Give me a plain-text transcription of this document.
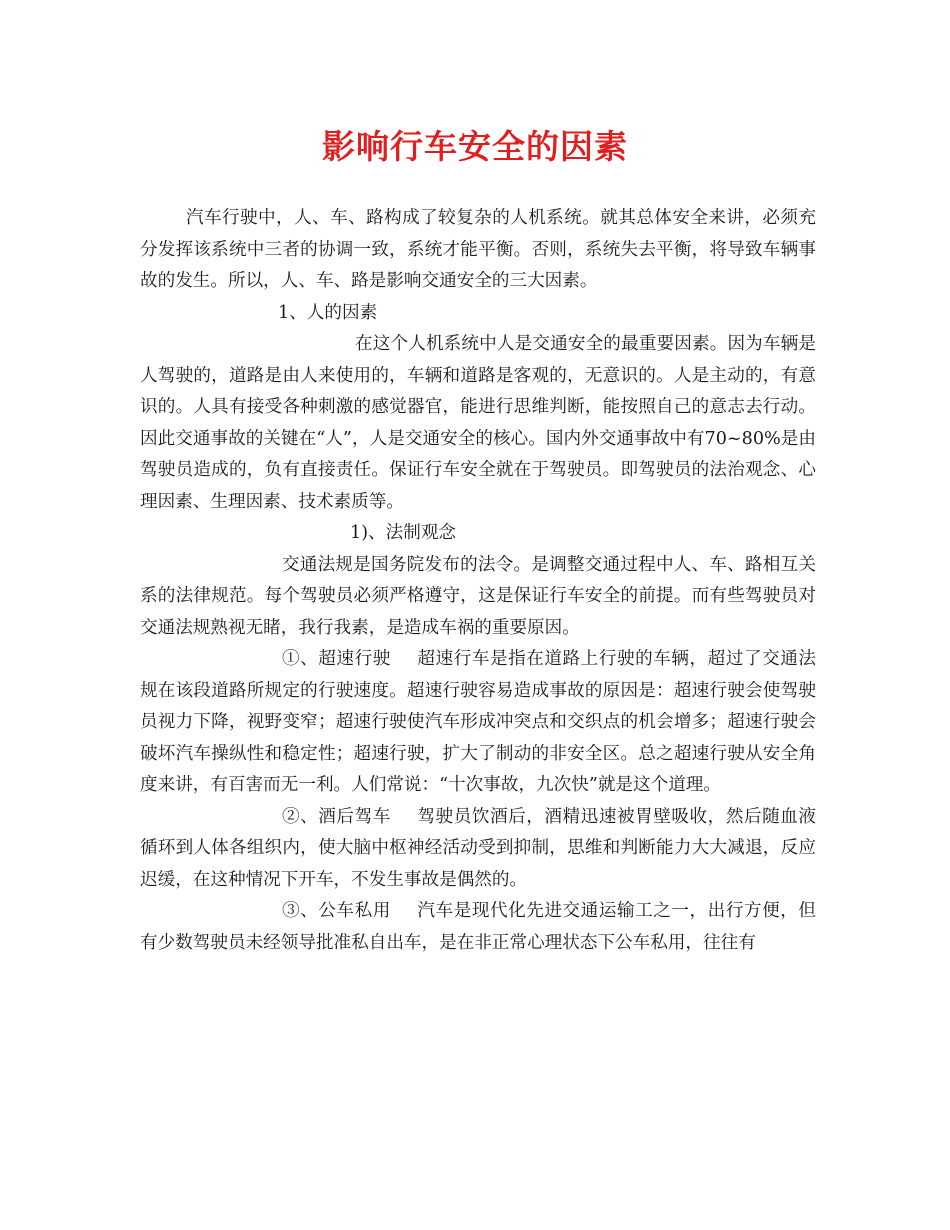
影响行车安全的因素

汽车行驶中，人、车、路构成了较复杂的人机系统。就其总体安全来讲，必须充分发挥该系统中三者的协调一致，系统才能平衡。否则，系统失去平衡，将导致车辆事故的发生。所以，人、车、路是影响交通安全的三大因素。

1、人的因素

在这个人机系统中人是交通安全的最重要因素。因为车辆是人驾驶的，道路是由人来使用的，车辆和道路是客观的，无意识的。人是主动的，有意识的。人具有接受各种刺激的感觉器官，能进行思维判断，能按照自己的意志去行动。因此交通事故的关键在“人”，人是交通安全的核心。国内外交通事故中有70~80%是由驾驶员造成的，负有直接责任。保证行车安全就在于驾驶员。即驾驶员的法治观念、心理因素、生理因素、技术素质等。

1)、法制观念

交通法规是国务院发布的法令。是调整交通过程中人、车、路相互关系的法律规范。每个驾驶员必须严格遵守，这是保证行车安全的前提。而有些驾驶员对交通法规熟视无睹，我行我素，是造成车祸的重要原因。

①、超速行驶 超速行车是指在道路上行驶的车辆，超过了交通法规在该段道路所规定的行驶速度。超速行驶容易造成事故的原因是：超速行驶会使驾驶员视力下降，视野变窄；超速行驶使汽车形成冲突点和交织点的机会增多；超速行驶会破坏汽车操纵性和稳定性；超速行驶，扩大了制动的非安全区。总之超速行驶从安全角度来讲，有百害而无一利。人们常说：“十次事故，九次快”就是这个道理。

②、酒后驾车 驾驶员饮酒后，酒精迅速被胃壁吸收，然后随血液循环到人体各组织内，使大脑中枢神经活动受到抑制，思维和判断能力大大减退，反应迟缓，在这种情况下开车，不发生事故是偶然的。

③、公车私用 汽车是现代化先进交通运输工之一，出行方便，但有少数驾驶员未经领导批准私自出车，是在非正常心理状态下公车私用，往往有
